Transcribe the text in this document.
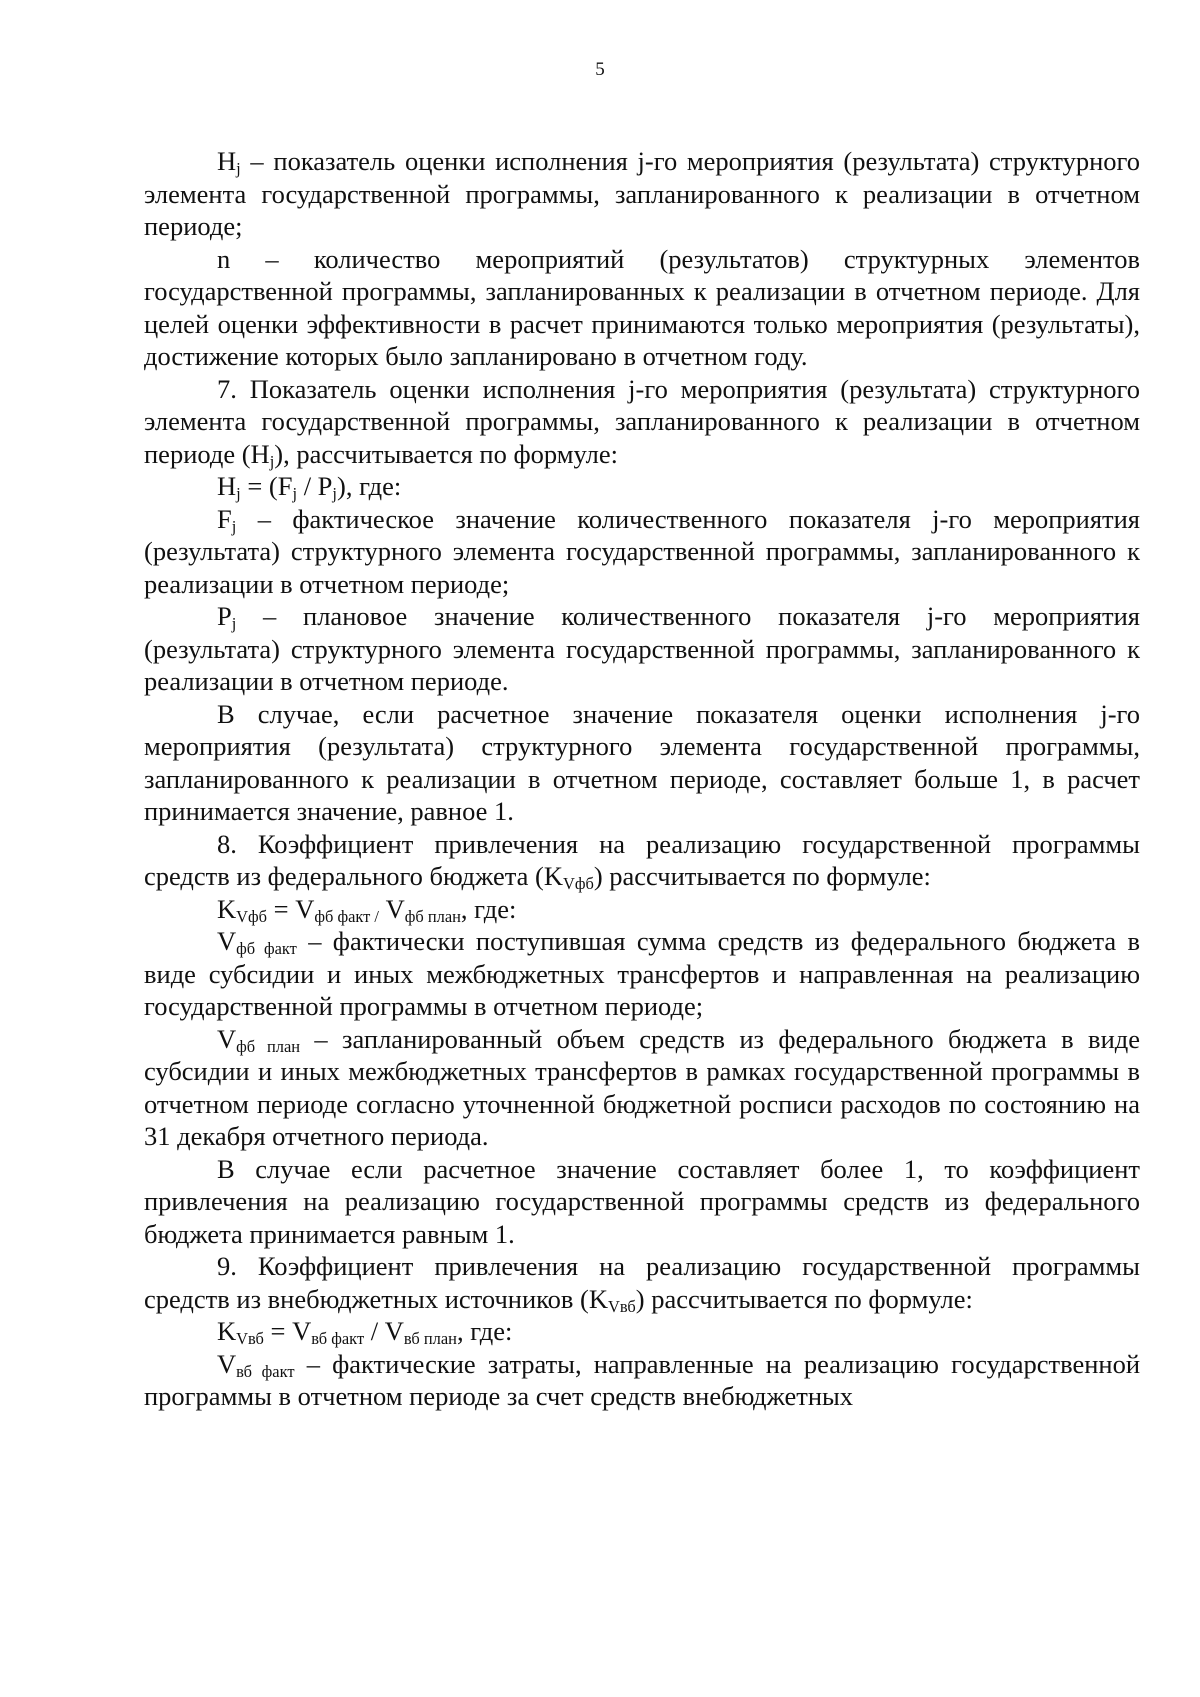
5

$H_j$ – показатель оценки исполнения j-го мероприятия (результата) структурного элемента государственной программы, запланированного к реализации в отчетном периоде;

n – количество мероприятий (результатов) структурных элементов государственной программы, запланированных к реализации в отчетном периоде. Для целей оценки эффективности в расчет принимаются только мероприятия (результаты), достижение которых было запланировано в отчетном году.

7. Показатель оценки исполнения j-го мероприятия (результата) структурного элемента государственной программы, запланированного к реализации в отчетном периоде $(H_j)$, рассчитывается по формуле:

$H_j = (F_j / P_j)$, где:

$F_j$ – фактическое значение количественного показателя j-го мероприятия (результата) структурного элемента государственной программы, запланированного к реализации в отчетном периоде;

$P_j$ – плановое значение количественного показателя j-го мероприятия (результата) структурного элемента государственной программы, запланированного к реализации в отчетном периоде.

В случае, если расчетное значение показателя оценки исполнения j-го мероприятия (результата) структурного элемента государственной программы, запланированного к реализации в отчетном периоде, составляет больше 1, в расчет принимается значение, равное 1.

8. Коэффициент привлечения на реализацию государственной программы средств из федерального бюджета $(K_{Vфб})$ рассчитывается по формуле:

$K_{Vфб} = V_{фб факт /}$ $V_{фб план}$, где:

$V_{фб факт}$ – фактически поступившая сумма средств из федерального бюджета в виде субсидии и иных межбюджетных трансфертов и направленная на реализацию государственной программы в отчетном периоде;

$V_{фб план}$ – запланированный объем средств из федерального бюджета в виде субсидии и иных межбюджетных трансфертов в рамках государственной программы в отчетном периоде согласно уточненной бюджетной росписи расходов по состоянию на 31 декабря отчетного периода.

В случае если расчетное значение составляет более 1, то коэффициент привлечения на реализацию государственной программы средств из федерального бюджета принимается равным 1.

9. Коэффициент привлечения на реализацию государственной программы средств из внебюджетных источников $(K_{Vвб})$ рассчитывается по формуле:

$K_{Vвб} = V_{вб факт} / V_{вб план}$, где:

$V_{вб факт}$ – фактические затраты, направленные на реализацию государственной программы в отчетном периоде за счет средств внебюджетных
